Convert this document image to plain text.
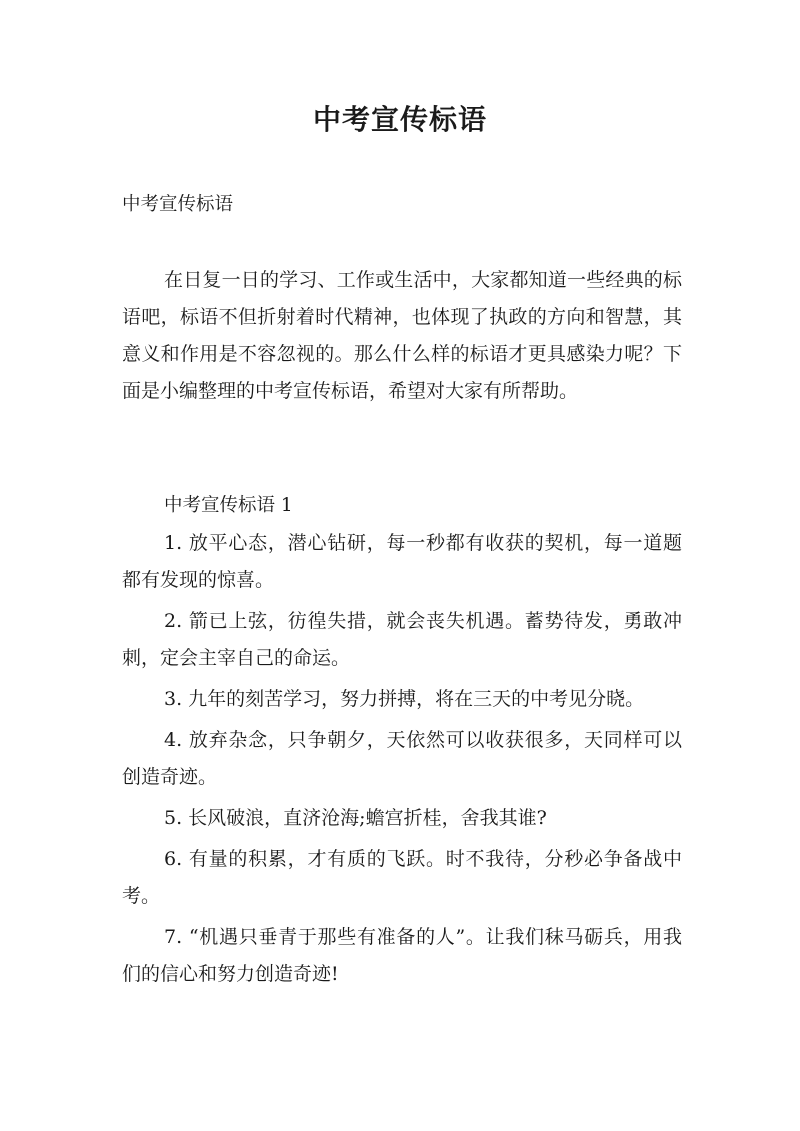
中考宣传标语

中考宣传标语

在日复一日的学习、工作或生活中，大家都知道一些经典的标语吧，标语不但折射着时代精神，也体现了执政的方向和智慧，其意义和作用是不容忽视的。那么什么样的标语才更具感染力呢？下面是小编整理的中考宣传标语，希望对大家有所帮助。

中考宣传标语 1

1. 放平心态，潜心钻研，每一秒都有收获的契机，每一道题都有发现的惊喜。
2. 箭已上弦，彷徨失措，就会丧失机遇。蓄势待发，勇敢冲刺，定会主宰自己的命运。
3. 九年的刻苦学习，努力拼搏，将在三天的中考见分晓。
4. 放弃杂念，只争朝夕，天依然可以收获很多，天同样可以创造奇迹。
5. 长风破浪，直济沧海;蟾宫折桂，舍我其谁?
6. 有量的积累，才有质的飞跃。时不我待，分秒必争备战中考。
7. “机遇只垂青于那些有准备的人”。让我们秣马砺兵，用我们的信心和努力创造奇迹!
